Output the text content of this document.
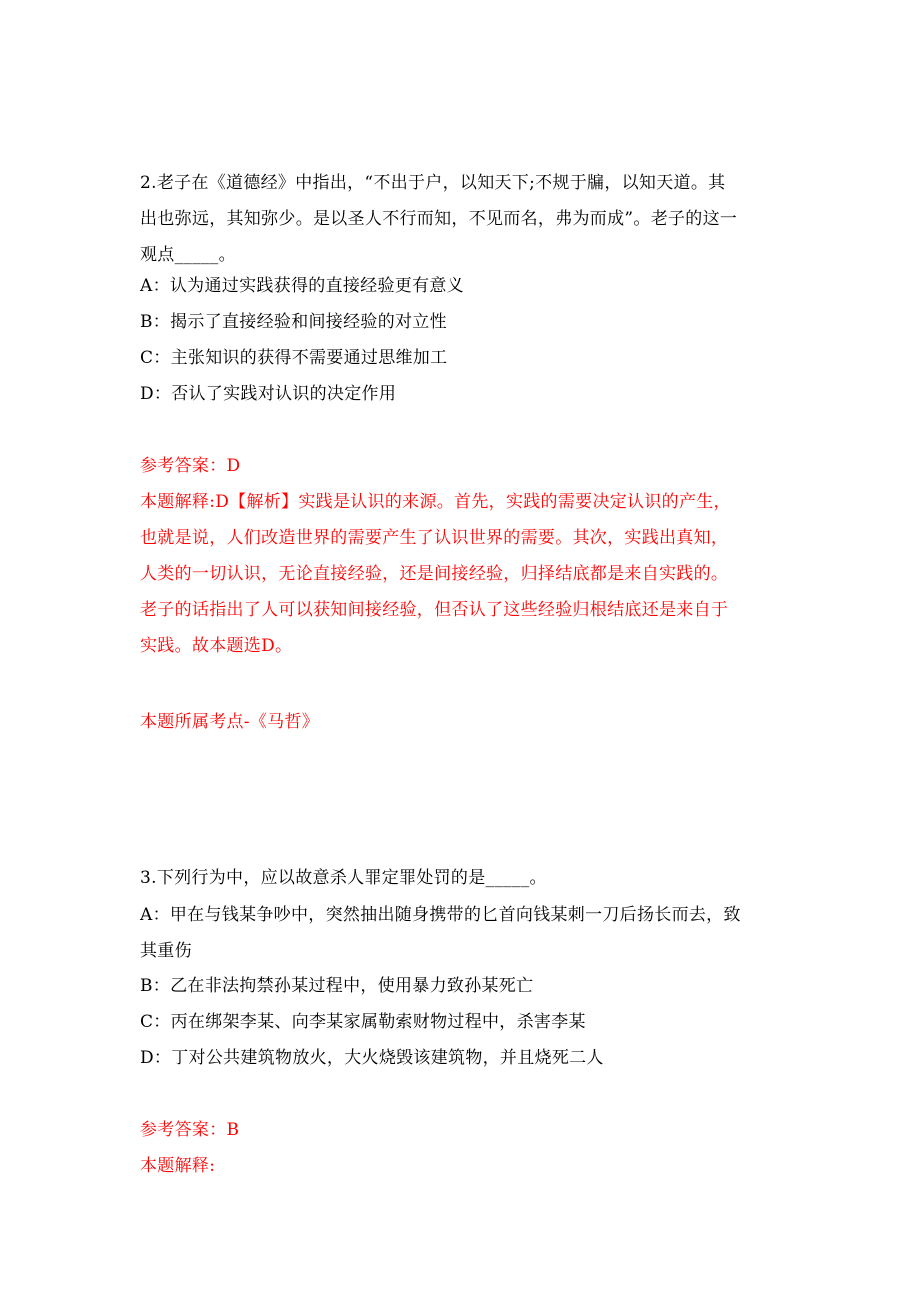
2.老子在《道德经》中指出，“不出于户，以知天下;不规于牖，以知天道。其
出也弥远，其知弥少。是以圣人不行而知，不见而名，弗为而成”。老子的这一
观点_____。
A：认为通过实践获得的直接经验更有意义
B：揭示了直接经验和间接经验的对立性
C：主张知识的获得不需要通过思维加工
D：否认了实践对认识的决定作用
参考答案：D
本题解释:D【解析】实践是认识的来源。首先，实践的需要决定认识的产生，
也就是说，人们改造世界的需要产生了认识世界的需要。其次，实践出真知，
人类的一切认识，无论直接经验，还是间接经验，归择结底都是来自实践的。
老子的话指出了人可以获知间接经验，但否认了这些经验归根结底还是来自于
实践。故本题选D。
本题所属考点-《马哲》
3.下列行为中，应以故意杀人罪定罪处罚的是_____。
A：甲在与钱某争吵中，突然抽出随身携带的匕首向钱某刺一刀后扬长而去，致
其重伤
B：乙在非法拘禁孙某过程中，使用暴力致孙某死亡
C：丙在绑架李某、向李某家属勒索财物过程中，杀害李某
D：丁对公共建筑物放火，大火烧毁该建筑物，并且烧死二人
参考答案：B
本题解释:
